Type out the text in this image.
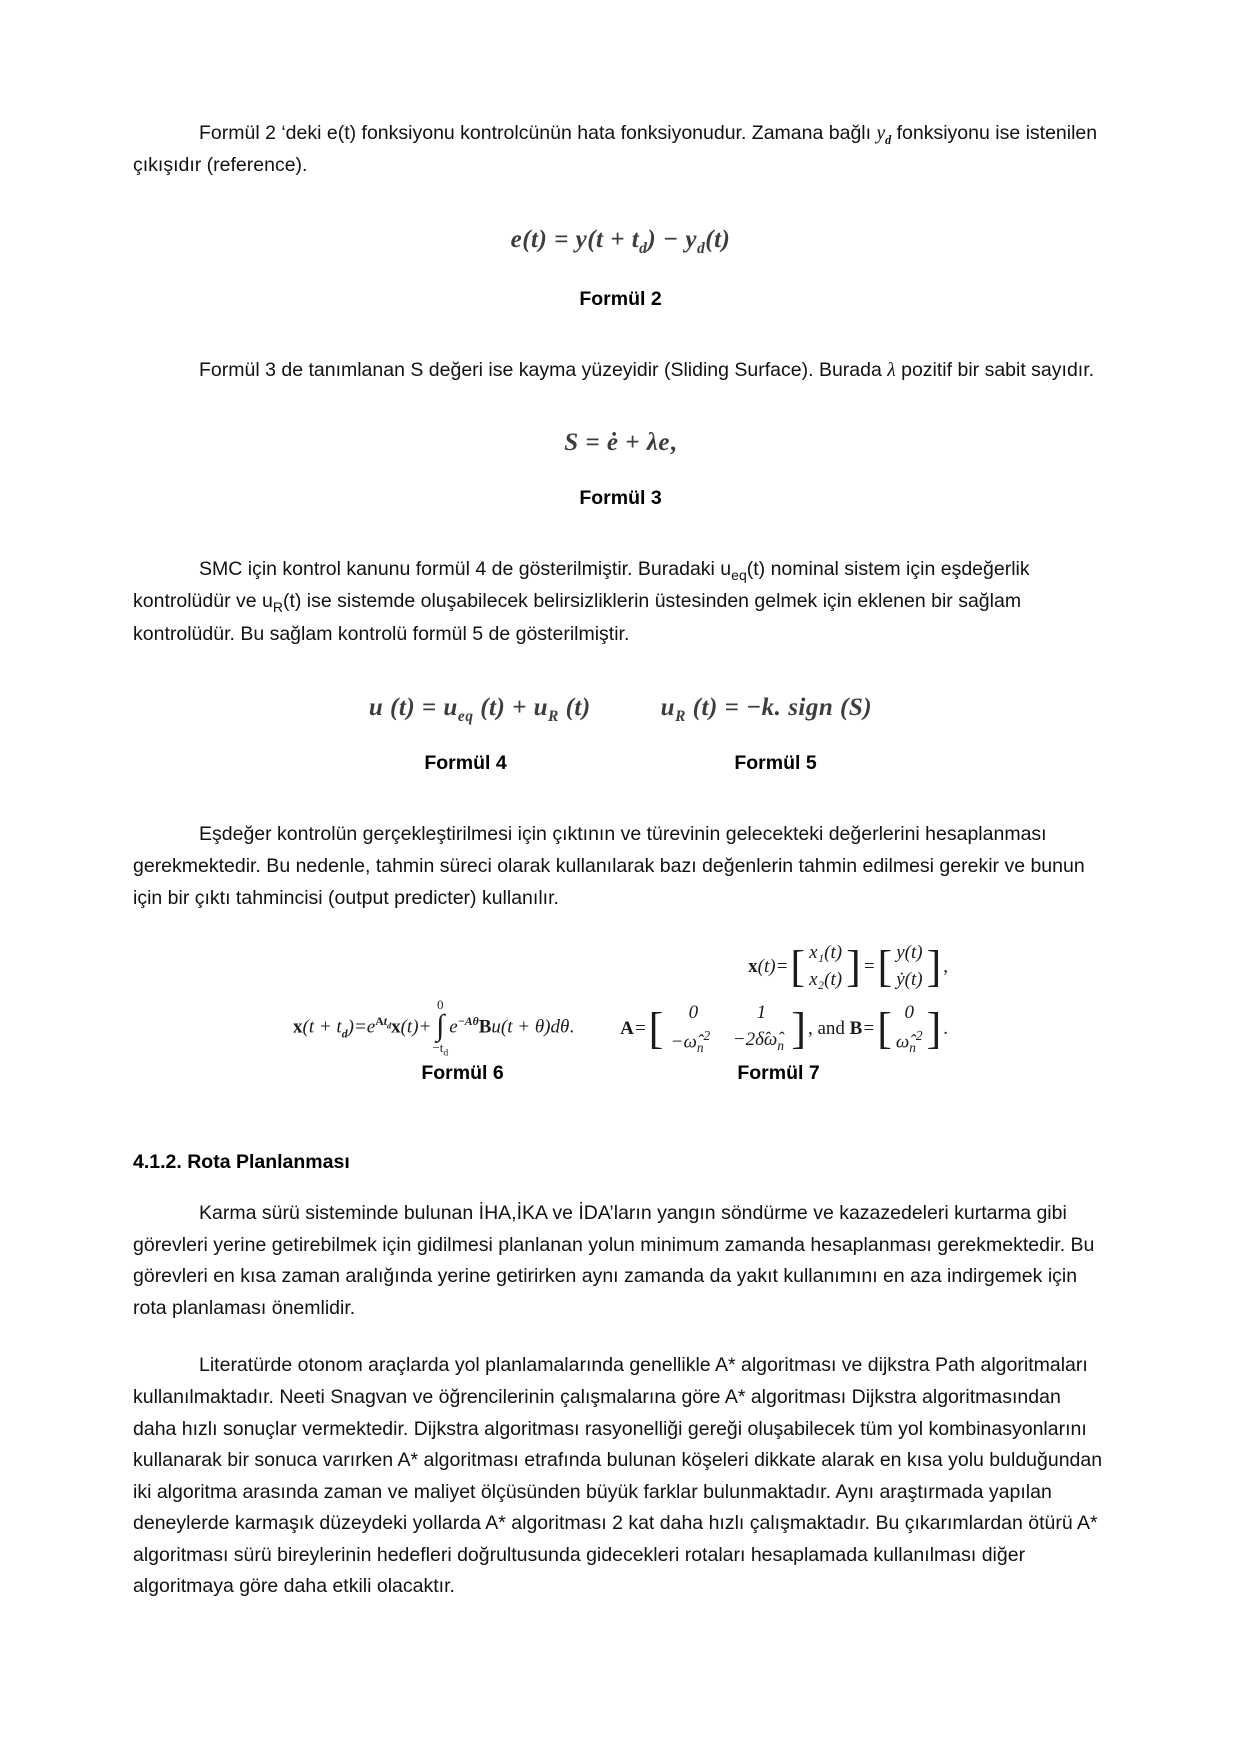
Formül 2 ‘deki e(t) fonksiyonu kontrolcünün hata fonksiyonudur. Zamana bağlı $y_d$ fonksiyonu ise istenilen çıkışıdır (reference).

$e(t) = y(t + t_d) - y_d(t)$
Formül 2

Formül 3 de tanımlanan S değeri ise kayma yüzeyidir (Sliding Surface). Burada λ pozitif bir sabit sayıdır.

S = ė + λe,
Formül 3

SMC için kontrol kanunu formül 4 de gösterilmiştir. Buradaki $u_{eq}(t)$ nominal sistem için eşdeğerlik kontrolüdür ve $u_R(t)$ ise sistemde oluşabilecek belirsizliklerin üstesinden gelmek için eklenen bir sağlam kontrolüdür. Bu sağlam kontrolü formül 5 de gösterilmiştir.

u $(t) = u_{eq}$ $(t) + u_R$ (t)	$u_R$ (t) = −k. sign (S)
Formül 4	Formül 5

Eşdeğer kontrolün gerçekleştirilmesi için çıktının ve türevinin gelecekteki değerlerini hesaplanması gerekmektedir. Bu nedenle, tahmin süreci olarak kullanılarak bazı değenlerin tahmin edilmesi gerekir ve bunun için bir çıktı tahmincisi (output predicter) kullanılır.

$x(t + t_d)=e^{At_d}x(t)+$
0
∫
$-t_d$
$e^{-A\theta}Bu(t + \theta)d\theta$.
x (t) = [ x₁(t)
x₂(t) ] = [ y(t)
ẏ(t) ] ,
A = [ 0	1
$-\omegâ_n^2$ $-2\deltâ\omegâ_n$ ] , and
B = [ 0
$\omegâ_n^2$ ] .
Formül 6	Formül 7
4.1.2. Rota Planlanması

Karma sürü sisteminde bulunan İHA,İKA ve İDA’ların yangın söndürme ve kazazedeleri kurtarma gibi görevleri yerine getirebilmek için gidilmesi planlanan yolun minimum zamanda hesaplanması gerekmektedir. Bu görevleri en kısa zaman aralığında yerine getirirken aynı zamanda da yakıt kullanımını en aza indirgemek için rota planlaması önemlidir.

Literatürde otonom araçlarda yol planlamalarında genellikle A* algoritması ve dijkstra Path algoritmaları kullanılmaktadır. Neeti Snagvan ve öğrencilerinin çalışmalarına göre A* algoritması Dijkstra algoritmasından daha hızlı sonuçlar vermektedir. Dijkstra algoritması rasyonelliği gereği oluşabilecek tüm yol kombinasyonlarını kullanarak bir sonuca varırken A* algoritması etrafında bulunan köşeleri dikkate alarak en kısa yolu bulduğundan iki algoritma arasında zaman ve maliyet ölçüsünden büyük farklar bulunmaktadır. Aynı araştırmada yapılan deneylerde karmaşık düzeydeki yollarda A* algoritması 2 kat daha hızlı çalışmaktadır. Bu çıkarımlardan ötürü A* algoritması sürü bireylerinin hedefleri doğrultusunda gidecekleri rotaları hesaplamada kullanılması diğer algoritmaya göre daha etkili olacaktır.
